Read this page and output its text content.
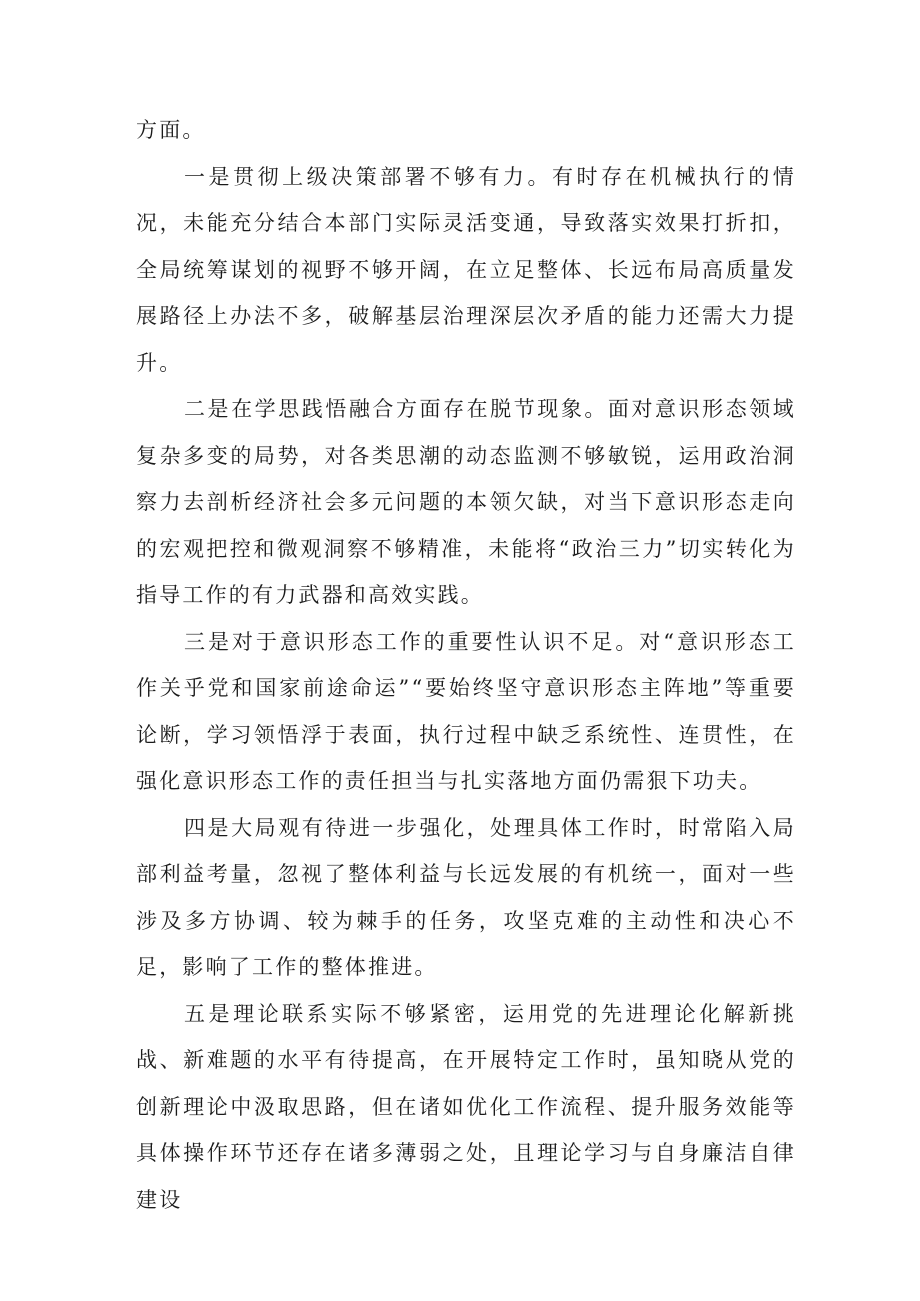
方面。

一是贯彻上级决策部署不够有力。有时存在机械执行的情况，未能充分结合本部门实际灵活变通，导致落实效果打折扣，全局统筹谋划的视野不够开阔，在立足整体、长远布局高质量发展路径上办法不多，破解基层治理深层次矛盾的能力还需大力提升。

二是在学思践悟融合方面存在脱节现象。面对意识形态领域复杂多变的局势，对各类思潮的动态监测不够敏锐，运用政治洞察力去剖析经济社会多元问题的本领欠缺，对当下意识形态走向的宏观把控和微观洞察不够精准，未能将“政治三力”切实转化为指导工作的有力武器和高效实践。

三是对于意识形态工作的重要性认识不足。对“意识形态工作关乎党和国家前途命运”“要始终坚守意识形态主阵地”等重要论断，学习领悟浮于表面，执行过程中缺乏系统性、连贯性，在强化意识形态工作的责任担当与扎实落地方面仍需狠下功夫。

四是大局观有待进一步强化，处理具体工作时，时常陷入局部利益考量，忽视了整体利益与长远发展的有机统一，面对一些涉及多方协调、较为棘手的任务，攻坚克难的主动性和决心不足，影响了工作的整体推进。

五是理论联系实际不够紧密，运用党的先进理论化解新挑战、新难题的水平有待提高，在开展特定工作时，虽知晓从党的创新理论中汲取思路，但在诸如优化工作流程、提升服务效能等具体操作环节还存在诸多薄弱之处，且理论学习与自身廉洁自律建设
